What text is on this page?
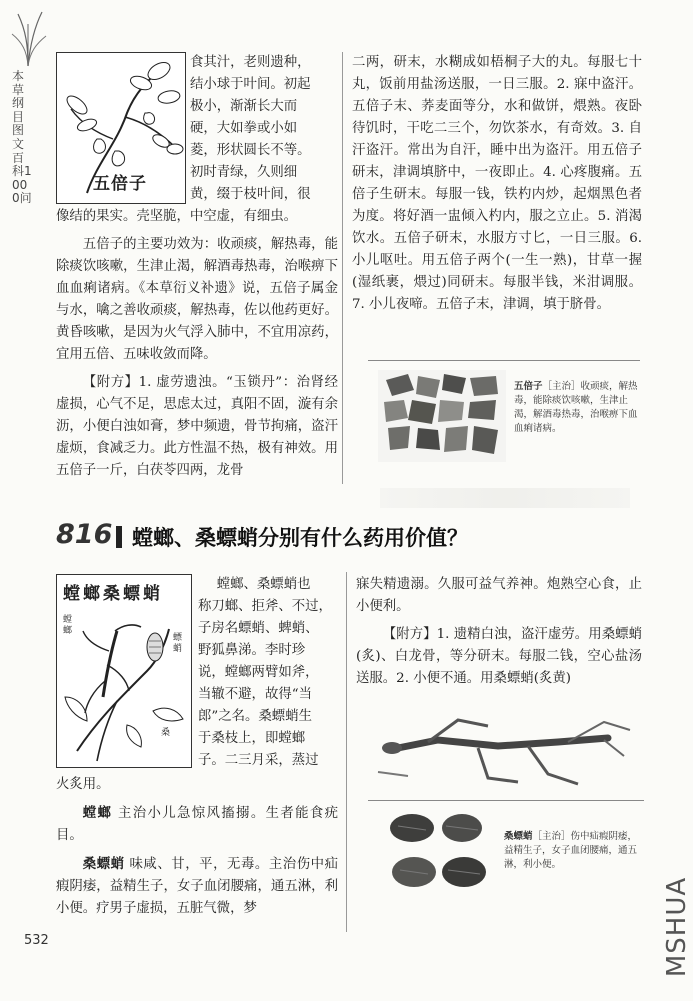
本草纲目图文百科1000问
五倍子

食其汁，老则遗种，

结小球于叶间。初起

极小，渐渐长大而

硬，大如拳或小如

菱，形状圆长不等。

初时青绿，久则细

黄，缀于枝叶间，很

像结的果实。壳坚脆，中空虚，有细虫。

五倍子的主要功效为：收顽痰，解热毒，能除痰饮咳嗽，生津止渴，解酒毒热毒，治喉痹下血血痢诸病。《本草衍义补遗》说，五倍子属金与水，噙之善收顽痰，解热毒，佐以他药更好。黄昏咳嗽，是因为火气浮入肺中，不宜用凉药，宜用五倍、五味收敛而降。

【附方】1. 虚劳遗浊。“玉锁丹”：治肾经虚损，心气不足，思虑太过，真阳不固，漩有余沥，小便白浊如膏，梦中频遗，骨节拘痛，盗汗虚烦，食减乏力。此方性温不热，极有神效。用五倍子一斤，白茯苓四两，龙骨

二两，研末，水糊成如梧桐子大的丸。每服七十丸，饭前用盐汤送服，一日三服。2. 寐中盗汗。五倍子末、荞麦面等分，水和做饼，煨熟。夜卧待饥时，干吃二三个，勿饮茶水，有奇效。3. 自汗盗汗。常出为自汗，睡中出为盗汗。用五倍子研末，津调填脐中，一夜即止。4. 心疼腹痛。五倍子生研末。每服一钱，铁杓内炒，起烟黑色者为度。将好酒一盅倾入杓内，服之立止。5. 消渴饮水。五倍子研末，水服方寸匕，一日三服。6. 小儿呕吐。用五倍子两个(一生一熟)，甘草一握(湿纸裹，煨过)同研末。每服半钱，米泔调服。7. 小儿夜啼。五倍子末，津调，填于脐骨。

五倍子［主治］收顽痰，解热毒，能除痰饮咳嗽，生津止渴，解酒毒热毒，治喉痹下血血痢诸病。
816 螳螂、桑螵蛸分别有什么药用价值？
螳螂桑螵蛸
螳螂
螵蛸
桑

螳螂、桑螵蛸也

称刀螂、拒斧、不过，

子房名螵蛸、蜱蛸、

野狐鼻涕。李时珍

说，螳螂两臂如斧，

当辙不避，故得“当

郎”之名。桑螵蛸生

于桑枝上，即螳螂

子。二三月采，蒸过

火炙用。

螳螂 主治小儿急惊风搐搦。生者能食疣目。

桑螵蛸 味咸、甘，平，无毒。主治伤中疝瘕阴痿，益精生子，女子血闭腰痛，通五淋，利小便。疗男子虚损，五脏气微，梦

寐失精遗溺。久服可益气养神。炮熟空心食，止小便利。

【附方】1. 遗精白浊，盗汗虚劳。用桑螵蛸(炙)、白龙骨，等分研末。每服二钱，空心盐汤送服。2. 小便不通。用桑螵蛸(炙黄)

桑螵蛸［主治］伤中疝瘕阴痿，益精生子，女子血闭腰痛，通五淋，利小便。
532	MSHUA
